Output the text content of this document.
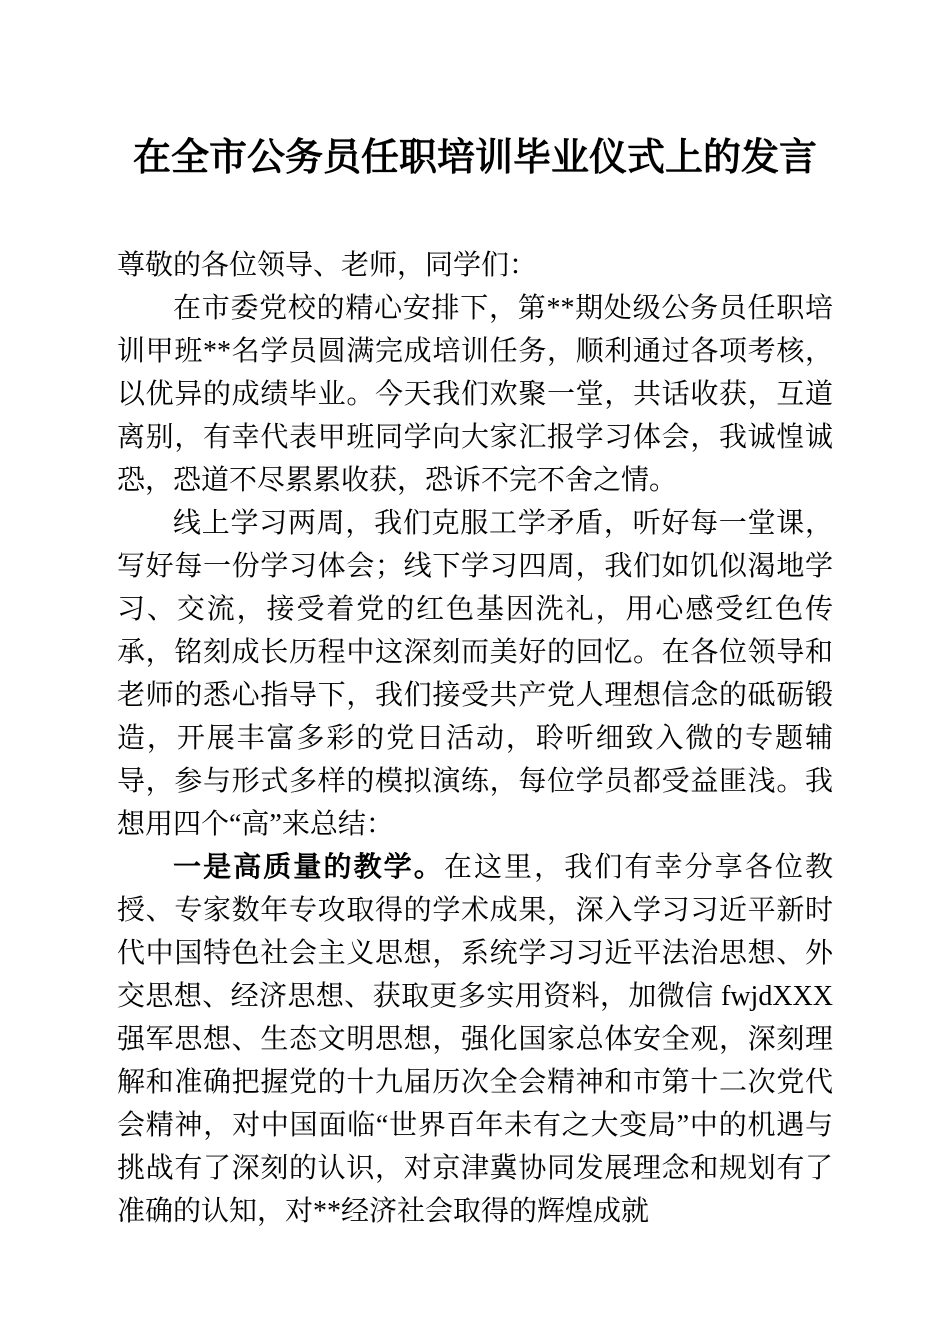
在全市公务员任职培训毕业仪式上的发言

尊敬的各位领导、老师，同学们：

在市委党校的精心安排下，第**期处级公务员任职培训甲班**名学员圆满完成培训任务，顺利通过各项考核，以优异的成绩毕业。今天我们欢聚一堂，共话收获，互道离别，有幸代表甲班同学向大家汇报学习体会，我诚惶诚恐，恐道不尽累累收获，恐诉不完不舍之情。

线上学习两周，我们克服工学矛盾，听好每一堂课，写好每一份学习体会；线下学习四周，我们如饥似渴地学习、交流，接受着党的红色基因洗礼，用心感受红色传承，铭刻成长历程中这深刻而美好的回忆。在各位领导和老师的悉心指导下，我们接受共产党人理想信念的砥砺锻造，开展丰富多彩的党日活动，聆听细致入微的专题辅导，参与形式多样的模拟演练，每位学员都受益匪浅。我想用四个“高”来总结：

一是高质量的教学。在这里，我们有幸分享各位教授、专家数年专攻取得的学术成果，深入学习习近平新时代中国特色社会主义思想，系统学习习近平法治思想、外交思想、经济思想、获取更多实用资料，加微信 fwjdXXX 强军思想、生态文明思想，强化国家总体安全观，深刻理解和准确把握党的十九届历次全会精神和市第十二次党代会精神，对中国面临“世界百年未有之大变局”中的机遇与挑战有了深刻的认识，对京津冀协同发展理念和规划有了准确的认知，对**经济社会取得的辉煌成就
